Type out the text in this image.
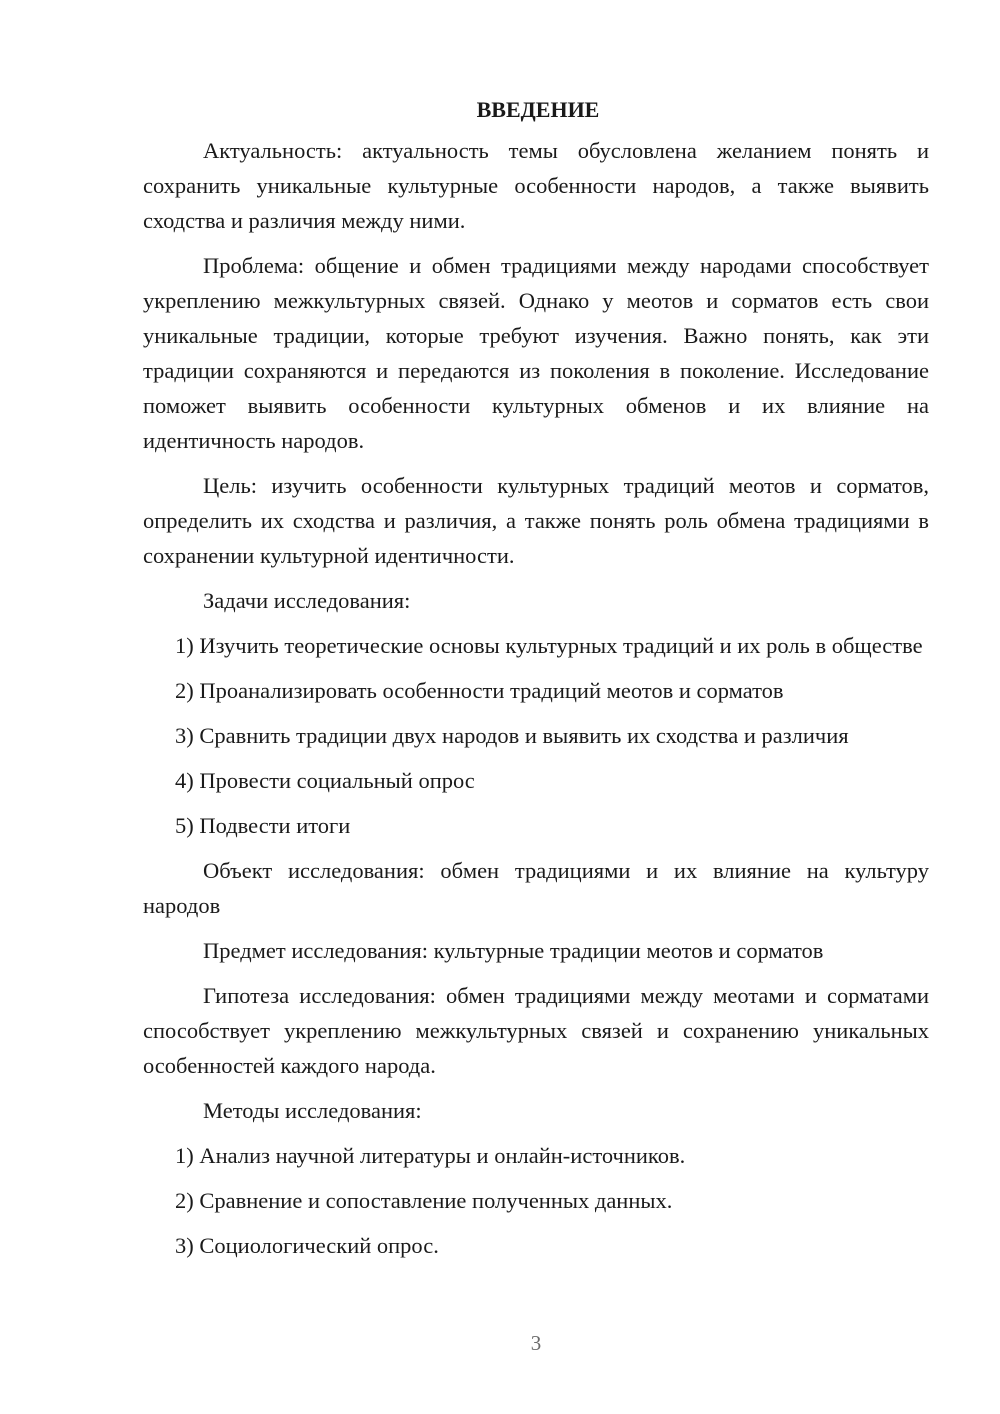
ВВЕДЕНИЕ

Актуальность: актуальность темы обусловлена желанием понять и сохранить уникальные культурные особенности народов, а также выявить сходства и различия между ними.

Проблема: общение и обмен традициями между народами способствует укреплению межкультурных связей. Однако у меотов и сорматов есть свои уникальные традиции, которые требуют изучения. Важно понять, как эти традиции сохраняются и передаются из поколения в поколение. Исследование поможет выявить особенности культурных обменов и их влияние на идентичность народов.

Цель: изучить особенности культурных традиций меотов и сорматов, определить их сходства и различия, а также понять роль обмена традициями в сохранении культурной идентичности.

Задачи исследования:

1) Изучить теоретические основы культурных традиций и их роль в обществе

2) Проанализировать особенности традиций меотов и сорматов

3) Сравнить традиции двух народов и выявить их сходства и различия

4) Провести социальный опрос

5) Подвести итоги

Объект исследования: обмен традициями и их влияние на культуру народов

Предмет исследования: культурные традиции меотов и сорматов

Гипотеза исследования: обмен традициями между меотами и сорматами способствует укреплению межкультурных связей и сохранению уникальных особенностей каждого народа.

Методы исследования:

1) Анализ научной литературы и онлайн-источников.

2) Сравнение и сопоставление полученных данных.

3) Социологический опрос.

3
